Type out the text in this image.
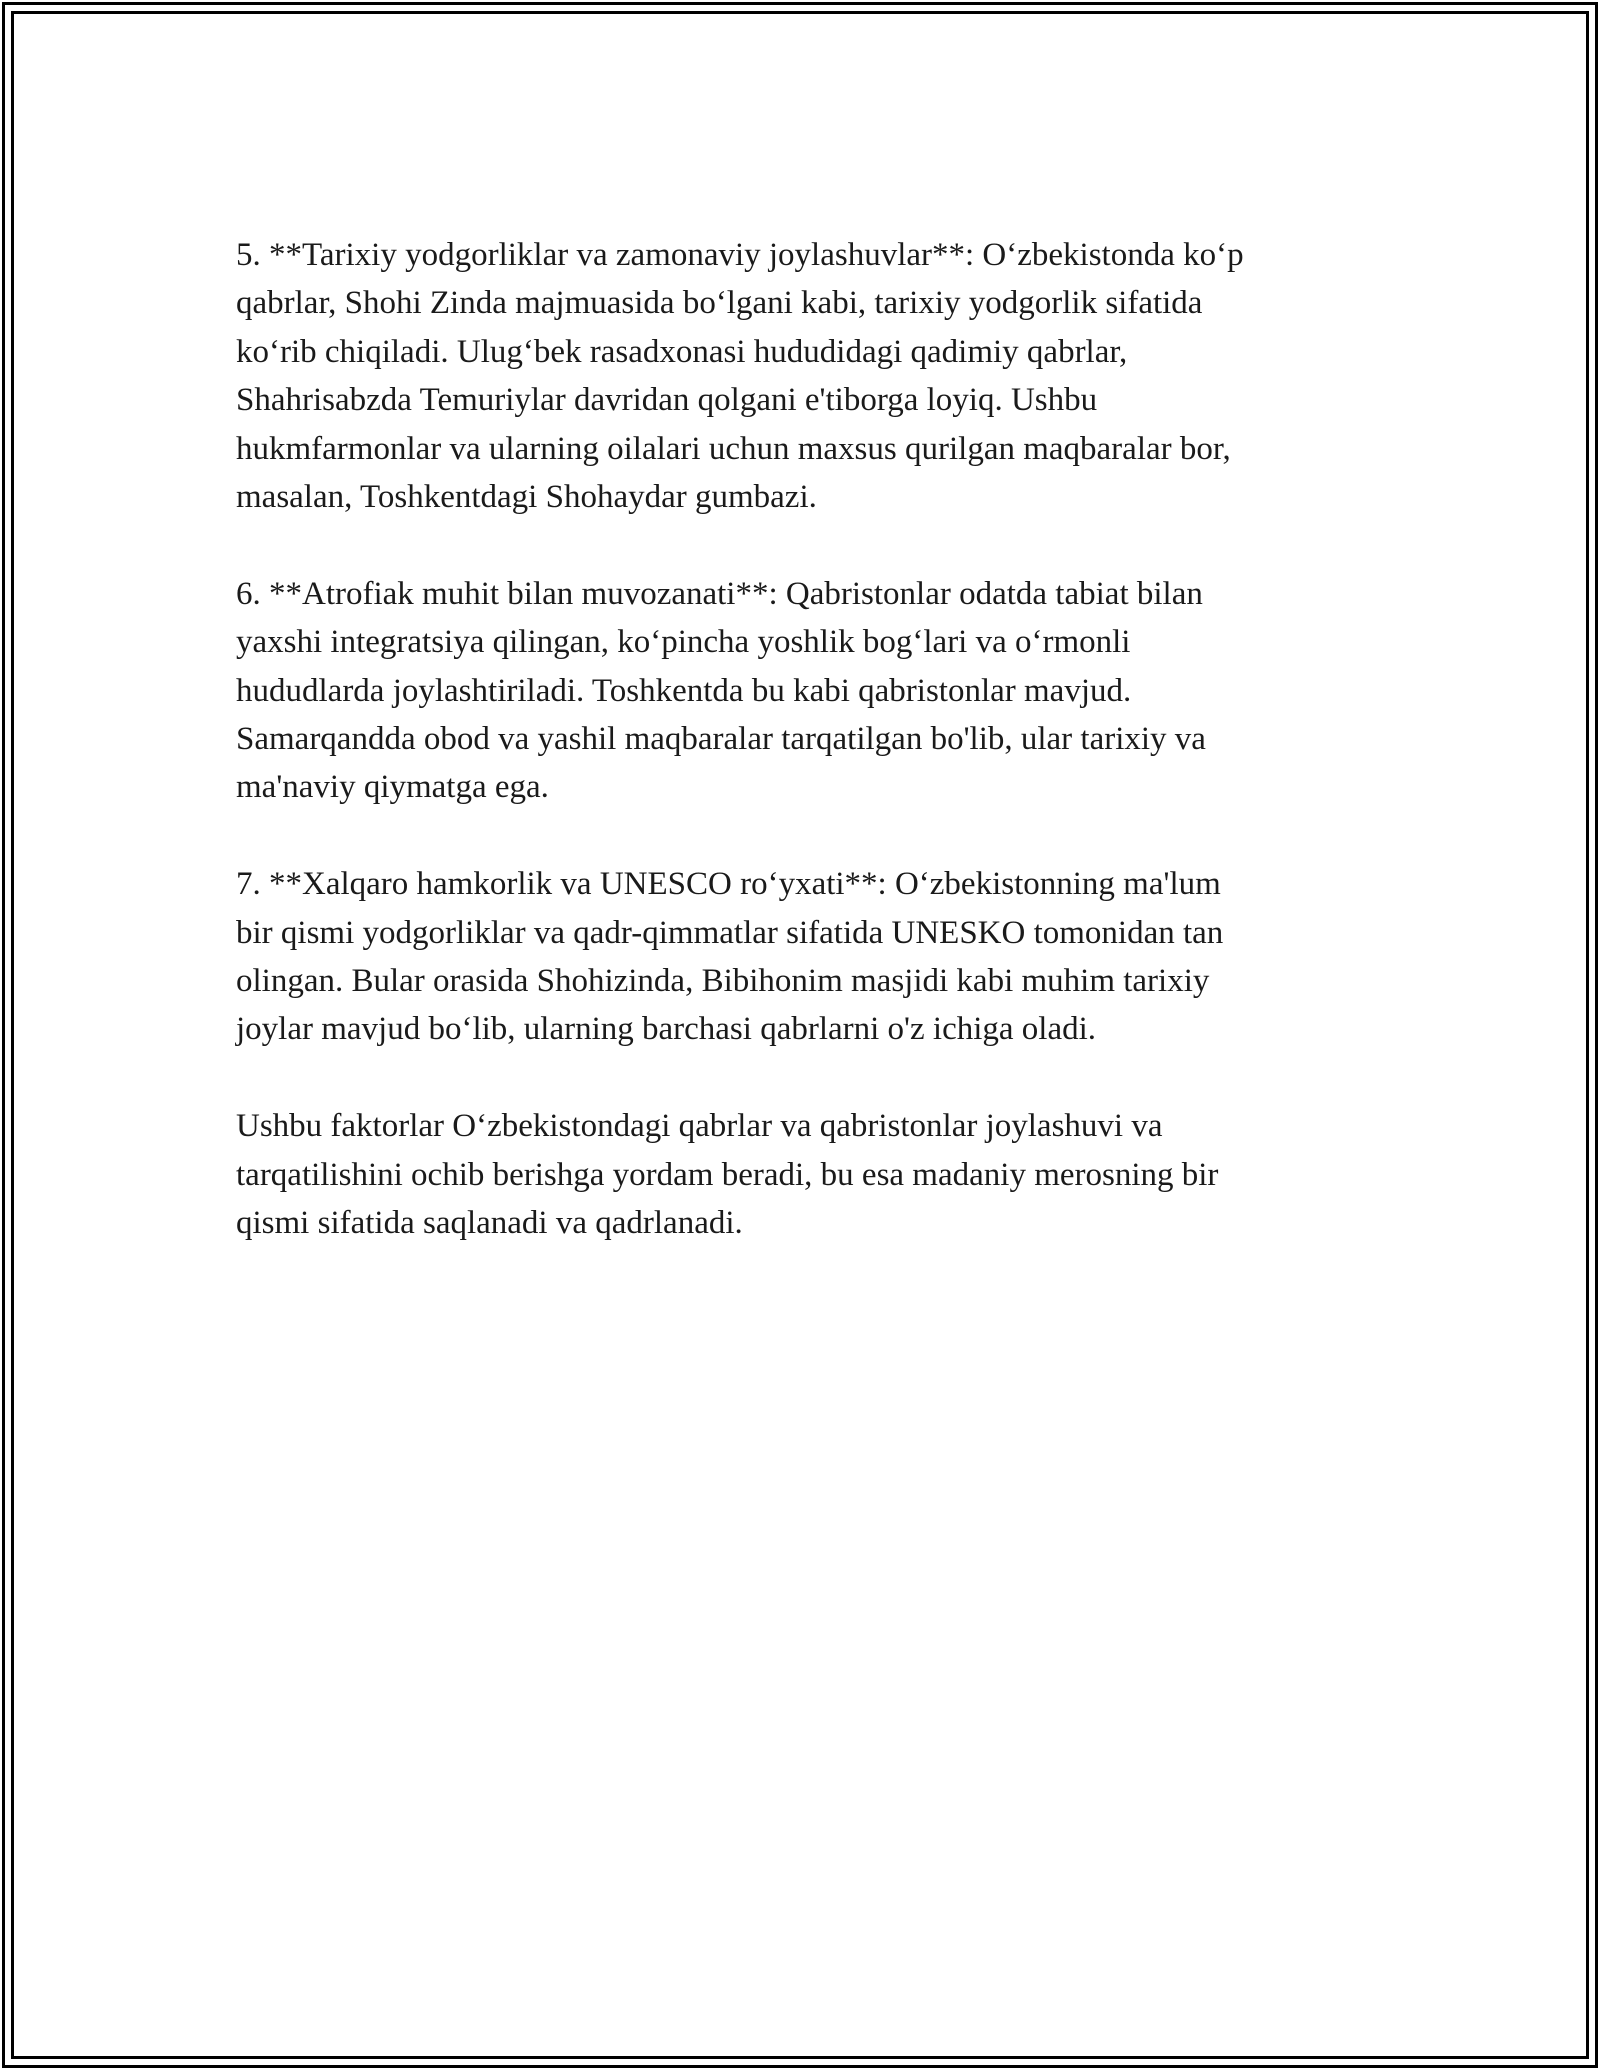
5. **Tarixiy yodgorliklar va zamonaviy joylashuvlar**: O‘zbekistonda ko‘p
qabrlar, Shohi Zinda majmuasida bo‘lgani kabi, tarixiy yodgorlik sifatida
ko‘rib chiqiladi. Ulug‘bek rasadxonasi hududidagi qadimiy qabrlar,
Shahrisabzda Temuriylar davridan qolgani e'tiborga loyiq. Ushbu
hukmfarmonlar va ularning oilalari uchun maxsus qurilgan maqbaralar bor,
masalan, Toshkentdagi Shohaydar gumbazi.

6. **Atrofiak muhit bilan muvozanati**: Qabristonlar odatda tabiat bilan
yaxshi integratsiya qilingan, ko‘pincha yoshlik bog‘lari va o‘rmonli
hududlarda joylashtiriladi. Toshkentda bu kabi qabristonlar mavjud.
Samarqandda obod va yashil maqbaralar tarqatilgan bo'lib, ular tarixiy va
ma'naviy qiymatga ega.

7. **Xalqaro hamkorlik va UNESCO ro‘yxati**: O‘zbekistonning ma'lum
bir qismi yodgorliklar va qadr-qimmatlar sifatida UNESKO tomonidan tan
olingan. Bular orasida Shohizinda, Bibihonim masjidi kabi muhim tarixiy
joylar mavjud bo‘lib, ularning barchasi qabrlarni o'z ichiga oladi.

Ushbu faktorlar O‘zbekistondagi qabrlar va qabristonlar joylashuvi va
tarqatilishini ochib berishga yordam beradi, bu esa madaniy merosning bir
qismi sifatida saqlanadi va qadrlanadi.
